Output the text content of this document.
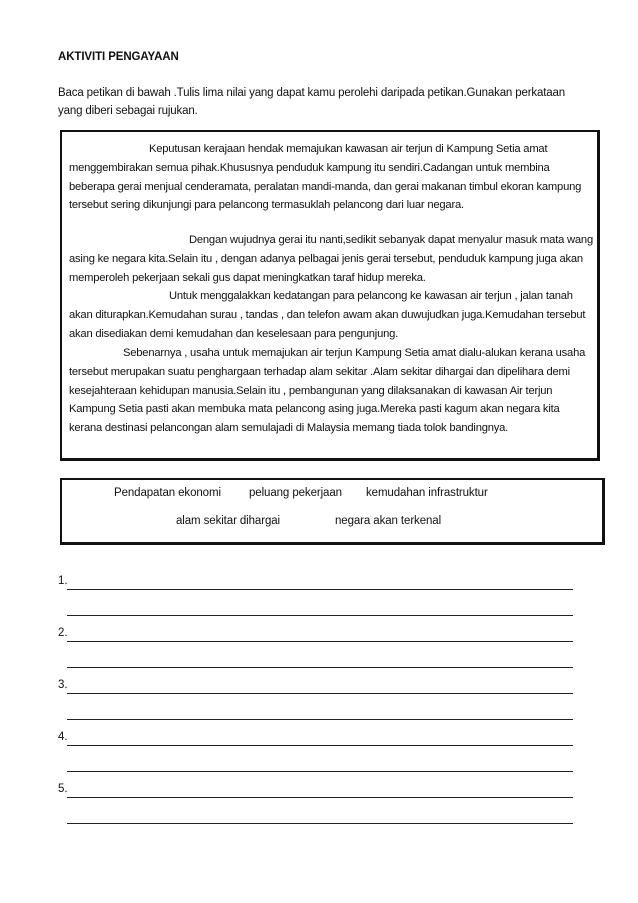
AKTIVITI PENGAYAAN
Baca petikan di bawah .Tulis lima nilai yang dapat kamu perolehi daripada petikan.Gunakan perkataan yang diberi sebagai rujukan.

Keputusan kerajaan hendak memajukan kawasan air terjun di Kampung Setia amat menggembirakan semua pihak.Khususnya penduduk kampung itu sendiri.Cadangan untuk membina beberapa gerai menjual cenderamata, peralatan mandi-manda, dan gerai makanan timbul ekoran kampung tersebut sering dikunjungi para pelancong termasuklah pelancong dari luar negara.

Dengan wujudnya gerai itu nanti,sedikit sebanyak dapat menyalur masuk mata wang asing ke negara kita.Selain itu , dengan adanya pelbagai jenis gerai tersebut, penduduk kampung juga akan memperoleh pekerjaan sekali gus dapat meningkatkan taraf hidup mereka.

Untuk menggalakkan kedatangan para pelancong ke kawasan air terjun , jalan tanah akan diturapkan.Kemudahan surau , tandas , dan telefon awam akan duwujudkan juga.Kemudahan tersebut akan disediakan demi kemudahan dan keselesaan para pengunjung.

Sebenarnya , usaha untuk memajukan air terjun Kampung Setia amat dialu-alukan kerana usaha tersebut merupakan suatu penghargaan terhadap alam sekitar .Alam sekitar dihargai dan dipelihara demi kesejahteraan kehidupan manusia.Selain itu , pembangunan yang dilaksanakan di kawasan Air terjun Kampung Setia pasti akan membuka mata pelancong asing juga.Mereka pasti kagum akan negara kita kerana destinasi pelancongan alam semulajadi di Malaysia memang tiada tolok bandingnya.

Pendapatan ekonomi peluang pekerjaan kemudahan infrastruktur
alam sekitar dihargai	negara akan terkenal
1.
2.
3.
4.
5.
